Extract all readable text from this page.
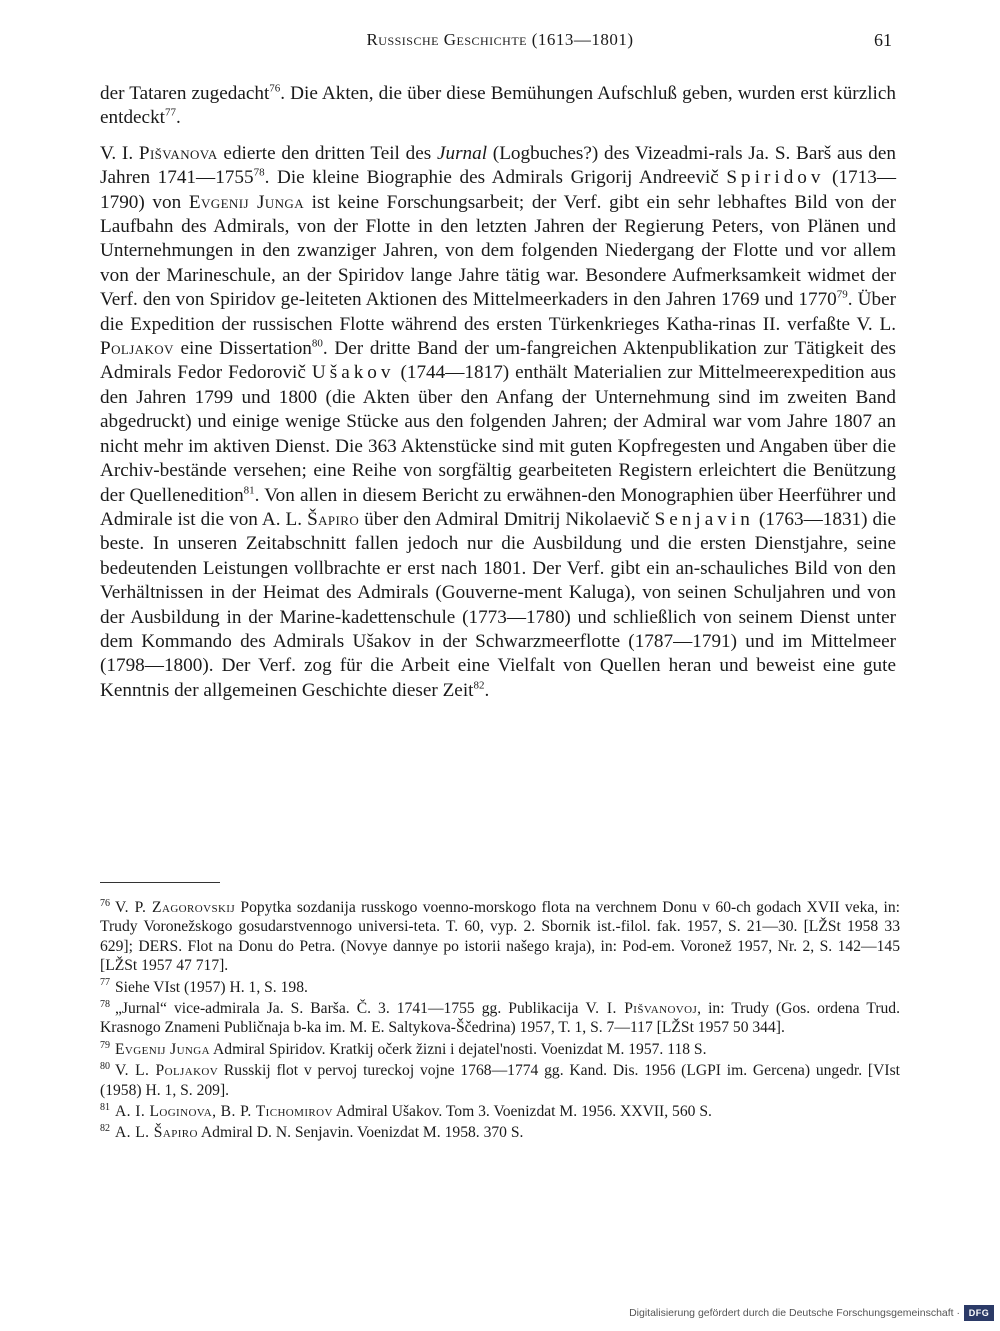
Russische Geschichte (1613—1801)	61

der Tataren zugedacht$^{76}$. Die Akten, die über diese Bemühungen Aufschluß geben, wurden erst kürzlich entdeckt$^{77}$.

V. I. Pišvanova edierte den dritten Teil des Jurnal (Logbuches?) des Vizeadmi-rals Ja. S. Barš aus den Jahren 1741—1755$^{78}$. Die kleine Biographie des Admirals Grigorij Andreevič Spiridov (1713—1790) von Evgenij Junga ist keine Forschungsarbeit; der Verf. gibt ein sehr lebhaftes Bild von der Laufbahn des Admirals, von der Flotte in den letzten Jahren der Regierung Peters, von Plänen und Unternehmungen in den zwanziger Jahren, von dem folgenden Niedergang der Flotte und vor allem von der Marineschule, an der Spiridov lange Jahre tätig war. Besondere Aufmerksamkeit widmet der Verf. den von Spiridov ge-leiteten Aktionen des Mittelmeerkaders in den Jahren 1769 und 1770$^{79}$. Über die Expedition der russischen Flotte während des ersten Türkenkrieges Katha-rinas II. verfaßte V. L. Poljakov eine Dissertation$^{80}$. Der dritte Band der um-fangreichen Aktenpublikation zur Tätigkeit des Admirals Fedor Fedorovič Ušakov (1744—1817) enthält Materialien zur Mittelmeerexpedition aus den Jahren 1799 und 1800 (die Akten über den Anfang der Unternehmung sind im zweiten Band abgedruckt) und einige wenige Stücke aus den folgenden Jahren; der Admiral war vom Jahre 1807 an nicht mehr im aktiven Dienst. Die 363 Aktenstücke sind mit guten Kopfregesten und Angaben über die Archiv-bestände versehen; eine Reihe von sorgfältig gearbeiteten Registern erleichtert die Benützung der Quellenedition$^{81}$. Von allen in diesem Bericht zu erwähnen-den Monographien über Heerführer und Admirale ist die von A. L. Šapiro über den Admiral Dmitrij Nikolaevič Senjavin (1763—1831) die beste. In unseren Zeitabschnitt fallen jedoch nur die Ausbildung und die ersten Dienstjahre, seine bedeutenden Leistungen vollbrachte er erst nach 1801. Der Verf. gibt ein an-schauliches Bild von den Verhältnissen in der Heimat des Admirals (Gouverne-ment Kaluga), von seinen Schuljahren und von der Ausbildung in der Marine-kadettenschule (1773—1780) und schließlich von seinem Dienst unter dem Kommando des Admirals Ušakov in der Schwarzmeerflotte (1787—1791) und im Mittelmeer (1798—1800). Der Verf. zog für die Arbeit eine Vielfalt von Quellen heran und beweist eine gute Kenntnis der allgemeinen Geschichte dieser Zeit$^{82}$.

$^{76}$ V. P. Zagorovskij Popytka sozdanija russkogo voenno-morskogo flota na verchnem Donu v 60-ch godach XVII veka, in: Trudy Voronežskogo gosudarstvennogo universi-teta. T. 60, vyp. 2. Sbornik ist.-filol. fak. 1957, S. 21—30. [LŽSt 1958 33 629]; DERS. Flot na Donu do Petra. (Novye dannye po istorii našego kraja), in: Pod-em. Voronež 1957, Nr. 2, S. 142—145 [LŽSt 1957 47 717].

$^{77}$ Siehe VIst (1957) H. 1, S. 198.

$^{78}$ „Jurnal“ vice-admirala Ja. S. Barša. Č. 3. 1741—1755 gg. Publikacija V. I. Pišvanovoj, in: Trudy (Gos. ordena Trud. Krasnogo Znameni Publičnaja b-ka im. M. E. Saltykova-Ščedrina) 1957, T. 1, S. 7—117 [LŽSt 1957 50 344].

$^{79}$ Evgenij Junga Admiral Spiridov. Kratkij očerk žizni i dejatel'nosti. Voenizdat M. 1957. 118 S.

$^{80}$ V. L. Poljakov Russkij flot v pervoj tureckoj vojne 1768—1774 gg. Kand. Dis. 1956 (LGPI im. Gercena) ungedr. [VIst (1958) H. 1, S. 209].

$^{81}$ A. I. Loginova, B. P. Tichomirov Admiral Ušakov. Tom 3. Voenizdat M. 1956. XXVII, 560 S.

$^{82}$ A. L. Šapiro Admiral D. N. Senjavin. Voenizdat M. 1958. 370 S.

Digitalisierung gefördert durch die Deutsche Forschungsgemeinschaft · DFG
